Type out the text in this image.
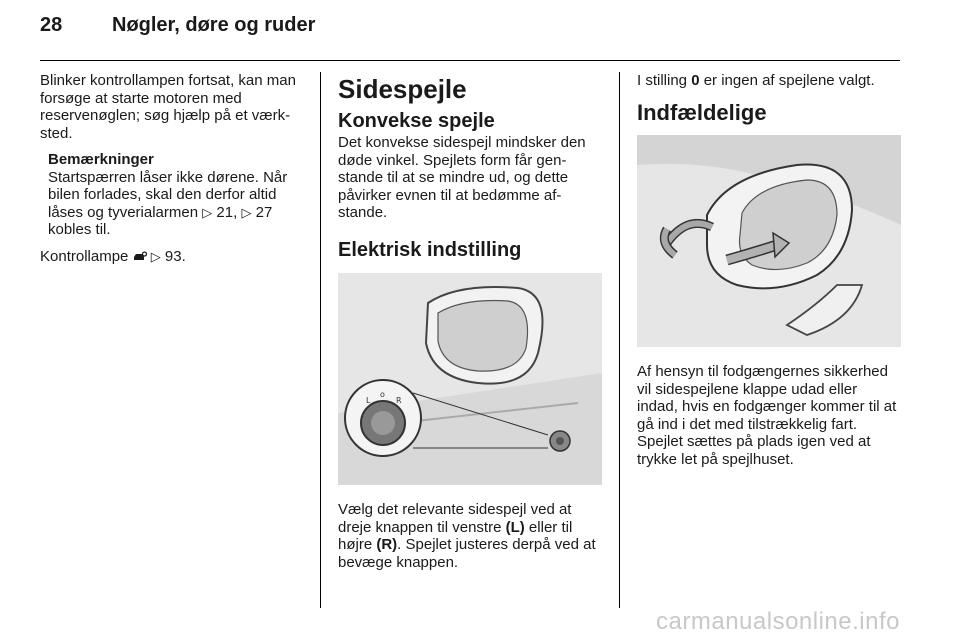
28	Nøgler, døre og ruder

Blinker kontrollampen fortsat, kan man forsøge at starte motoren med reservenøglen; søg hjælp på et værk-sted.

Bemærkninger
Startspærren låser ikke dørene. Når bilen forlades, skal den derfor altid låses og tyverialarmen ▷ 21, ▷ 27 kobles til.

Kontrollampe  ▷ 93.

Sidespejle
Konvekse spejle

Det konvekse sidespejl mindsker den døde vinkel. Spejlets form får gen-stande til at se mindre ud, og dette påvirker evnen til at bedømme af-stande.

Elektrisk indstilling
L
o
R

Vælg det relevante sidespejl ved at dreje knappen til venstre (L) eller til højre (R). Spejlet justeres derpå ved at bevæge knappen.

I stilling 0 er ingen af spejlene valgt.

Indfældelige

Af hensyn til fodgængernes sikkerhed vil sidespejlene klappe udad eller indad, hvis en fodgænger kommer til at gå ind i det med tilstrækkelig fart. Spejlet sættes på plads igen ved at trykke let på spejlhuset.

carmanualsonline.info
